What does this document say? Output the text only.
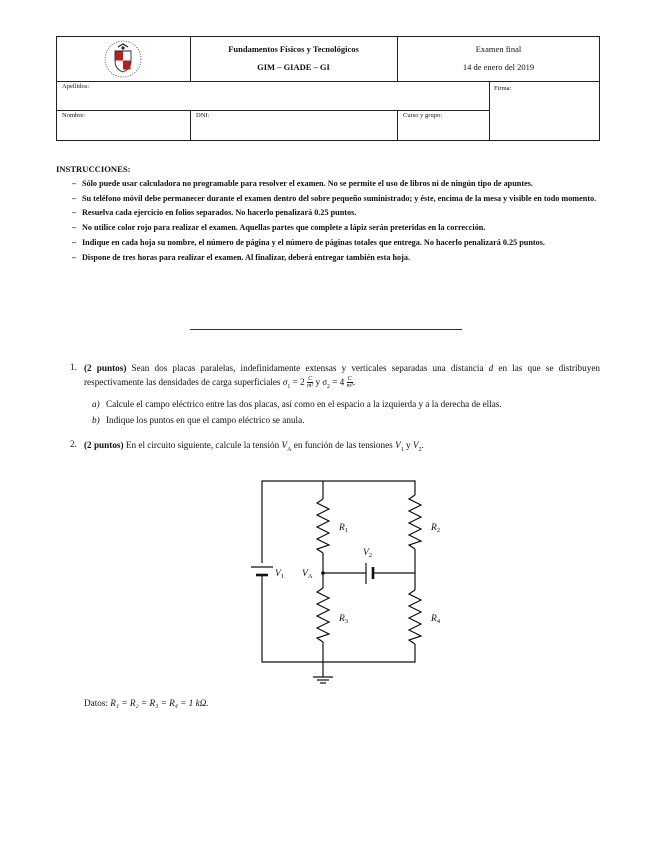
Fundamentos Físicos y Tecnológicos
GIM – GIADE – GI
Examen final
14 de enero del 2019
Apellidos:	Firma:
Nombre:	DNI:	Curso y grupo:
INSTRUCCIONES:
– Sólo puede usar calculadora no programable para resolver el examen. No se permite el uso de libros ni de ningún tipo de apuntes.
– Su teléfono móvil debe permanecer durante el examen dentro del sobre pequeño suministrado; y éste, encima de la mesa y visible en todo momento.
– Resuelva cada ejercicio en folios separados. No hacerlo penalizará 0.25 puntos.
– No utilice color rojo para realizar el examen. Aquellas partes que complete a lápiz serán preteridas en la corrección.
– Indique en cada hoja su nombre, el número de página y el número de páginas totales que entrega. No hacerlo penalizará 0.25 puntos.
– Dispone de tres horas para realizar el examen. Al finalizar, deberá entregar también esta hoja.
1. (2 puntos) Sean dos placas paralelas, indefinidamente extensas y verticales separadas una distancia d en las que se distribuyen respectivamente las densidades de carga superficiales $\sigma_1 = 2 \frac{C}{\text{m²}}$ y $\sigma_2 = 4 \frac{C}{\text{m²}}$ .
a) Calcule el campo eléctrico entre las dos placas, así como en el espacio a la izquierda y a la derecha de ellas.
b) Indique los puntos en que el campo eléctrico se anula.
2. (2 puntos) En el circuito siguiente, calcule la tensión $V_A$ en función de las tensiones $V_1$ y $V_2$.
$R_1$	$R_2$
$R_3$	$R_4$
$V_1$
$V_2$
$V_A$
Datos: R₁ = R₂ = R₃ = R₄ = 1 kΩ.
